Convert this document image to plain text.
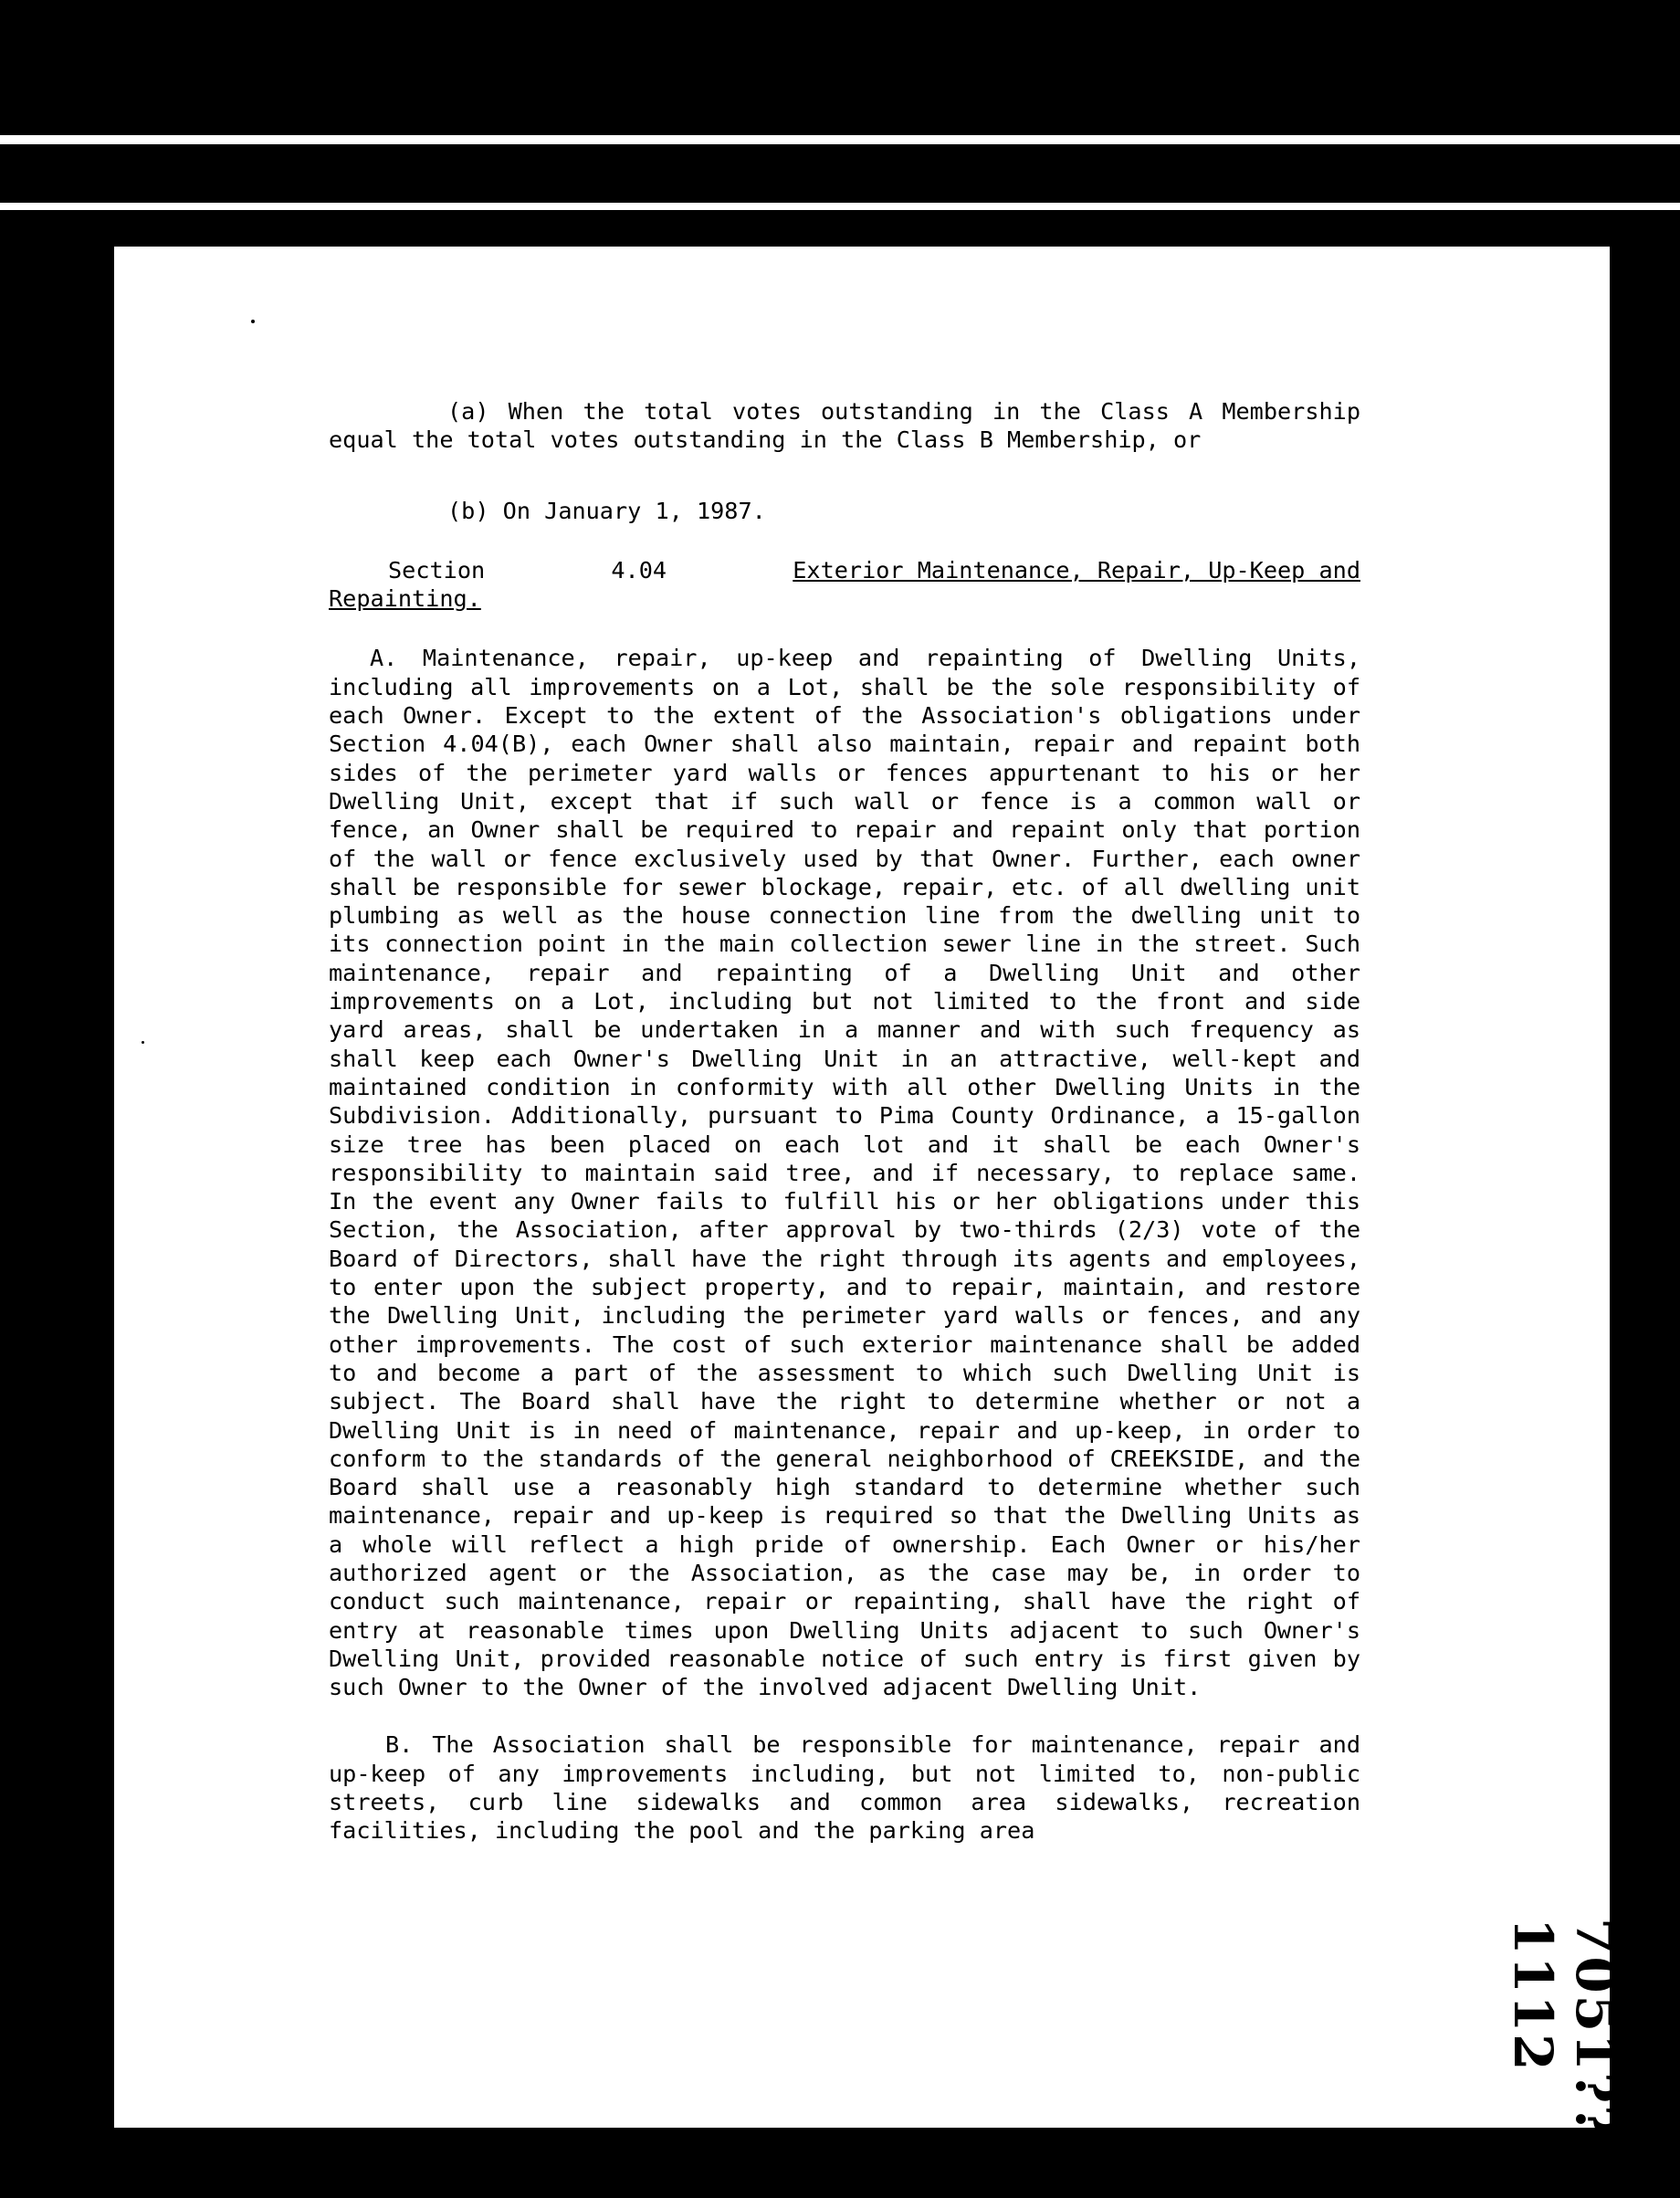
(a) When the total votes outstanding in the Class A Membership equal the total votes outstanding in the Class B Membership, or

(b) On January 1, 1987.

Section	4.04	Exterior Maintenance, Repair, Up-Keep and
Repainting.

A. Maintenance, repair, up-keep and repainting of Dwelling Units, including all improvements on a Lot, shall be the sole responsibility of each Owner. Except to the extent of the Association's obligations under Section 4.04(B), each Owner shall also maintain, repair and repaint both sides of the perimeter yard walls or fences appurtenant to his or her Dwelling Unit, except that if such wall or fence is a common wall or fence, an Owner shall be required to repair and repaint only that portion of the wall or fence exclusively used by that Owner. Further, each owner shall be responsible for sewer blockage, repair, etc. of all dwelling unit plumbing as well as the house connection line from the dwelling unit to its connection point in the main collection sewer line in the street. Such maintenance, repair and repainting of a Dwelling Unit and other improvements on a Lot, including but not limited to the front and side yard areas, shall be undertaken in a manner and with such frequency as shall keep each Owner's Dwelling Unit in an attractive, well-kept and maintained condition in conformity with all other Dwelling Units in the Subdivision. Additionally, pursuant to Pima County Ordinance, a 15-gallon size tree has been placed on each lot and it shall be each Owner's responsibility to maintain said tree, and if necessary, to replace same. In the event any Owner fails to fulfill his or her obligations under this Section, the Association, after approval by two-thirds (2/3) vote of the Board of Directors, shall have the right through its agents and employees, to enter upon the subject property, and to repair, maintain, and restore the Dwelling Unit, including the perimeter yard walls or fences, and any other improvements. The cost of such exterior maintenance shall be added to and become a part of the assessment to which such Dwelling Unit is subject. The Board shall have the right to determine whether or not a Dwelling Unit is in need of maintenance, repair and up-keep, in order to conform to the standards of the general neighborhood of CREEKSIDE, and the Board shall use a reasonably high standard to determine whether such maintenance, repair and up-keep is required so that the Dwelling Units as a whole will reflect a high pride of ownership. Each Owner or his/her authorized agent or the Association, as the case may be, in order to conduct such maintenance, repair or repainting, shall have the right of entry at reasonable times upon Dwelling Units adjacent to such Owner's Dwelling Unit, provided reasonable notice of such entry is first given by such Owner to the Owner of the involved adjacent Dwelling Unit.

B. The Association shall be responsible for maintenance, repair and up-keep of any improvements including, but not limited to, non-public streets, curb line sidewalks and common area sidewalks, recreation facilities, including the pool and the parking area

7051??1112
-11-
